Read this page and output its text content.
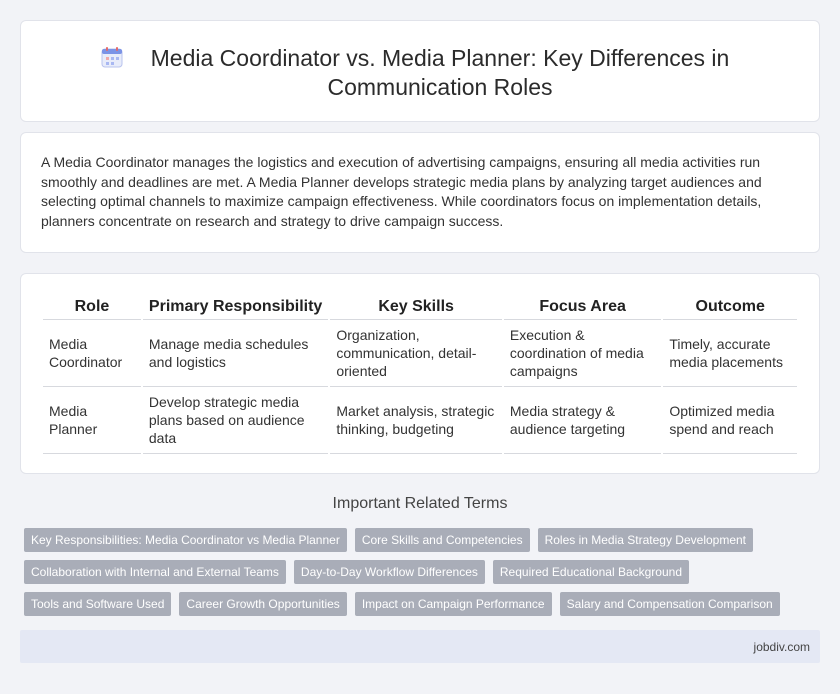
Media Coordinator vs. Media Planner: Key Differences in Communication Roles

A Media Coordinator manages the logistics and execution of advertising campaigns, ensuring all media activities run smoothly and deadlines are met. A Media Planner develops strategic media plans by analyzing target audiences and selecting optimal channels to maximize campaign effectiveness. While coordinators focus on implementation details, planners concentrate on research and strategy to drive campaign success.

Role	Primary Responsibility	Key Skills	Focus Area	Outcome
Media Coordinator	Manage media schedules and logistics	Organization, communication, detail-oriented	Execution & coordination of media campaigns	Timely, accurate media placements
Media Planner	Develop strategic media plans based on audience data	Market analysis, strategic thinking, budgeting	Media strategy & audience targeting	Optimized media spend and reach
Important Related Terms
Key Responsibilities: Media Coordinator vs Media Planner	Core Skills and Competencies	Roles in Media Strategy Development
Collaboration with Internal and External Teams	Day-to-Day Workflow Differences	Required Educational Background
Tools and Software Used	Career Growth Opportunities	Impact on Campaign Performance	Salary and Compensation Comparison
jobdiv.com
